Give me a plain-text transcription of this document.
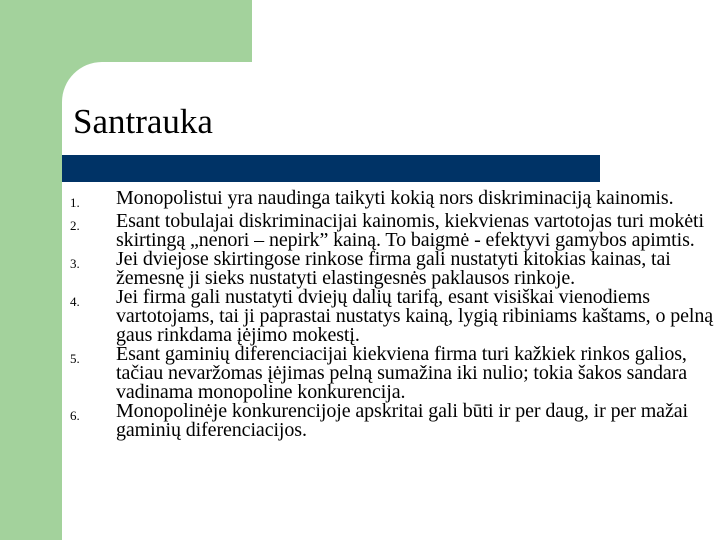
Santrauka
1.	Monopolistui yra naudinga taikyti kokią nors diskriminaciją kainomis.
2.	Esant tobulajai diskriminacijai kainomis, kiekvienas vartotojas turi mokėti skirtingą „nenori – nepirk” kainą. To baigmė - efektyvi gamybos apimtis.
3.	Jei dviejose skirtingose rinkose firma gali nustatyti kitokias kainas, tai žemesnę ji sieks nustatyti elastingesnės paklausos rinkoje.
4.	Jei firma gali nustatyti dviejų dalių tarifą, esant visiškai vienodiems vartotojams, tai ji paprastai nustatys kainą, lygią ribiniams kaštams, o pelną gaus rinkdama įėjimo mokestį.
5.	Esant gaminių diferenciacijai kiekviena firma turi kažkiek rinkos galios, tačiau nevaržomas įėjimas pelną sumažina iki nulio; tokia šakos sandara vadinama monopoline konkurencija.
6.	Monopolinėje konkurencijoje apskritai gali būti ir per daug, ir per mažai gaminių diferenciacijos.
